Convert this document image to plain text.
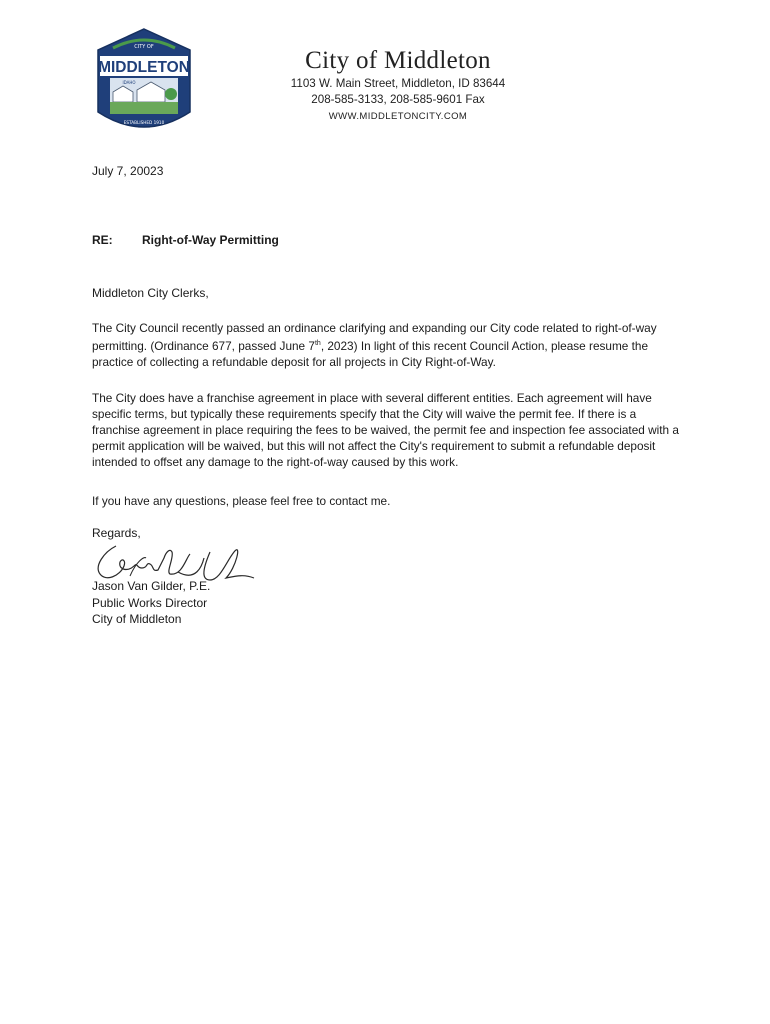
CITY OF
MIDDLETON
IDAHO
ESTABLISHED 1910
City of Middleton
1103 W. Main Street, Middleton, ID 83644
208-585-3133, 208-585-9601 Fax
WWW.MIDDLETONCITY.COM
July 7, 20023
RE: Right-of-Way Permitting
Middleton City Clerks,
The City Council recently passed an ordinance clarifying and expanding our City code related to right-of-way permitting. (Ordinance 677, passed June 7th, 2023) In light of this recent Council Action, please resume the practice of collecting a refundable deposit for all projects in City Right-of-Way.
The City does have a franchise agreement in place with several different entities. Each agreement will have specific terms, but typically these requirements specify that the City will waive the permit fee. If there is a franchise agreement in place requiring the fees to be waived, the permit fee and inspection fee associated with a permit application will be waived, but this will not affect the City's requirement to submit a refundable deposit intended to offset any damage to the right-of-way caused by this work.
If you have any questions, please feel free to contact me.
Regards,
Jason Van Gilder, P.E.
Public Works Director
City of Middleton
